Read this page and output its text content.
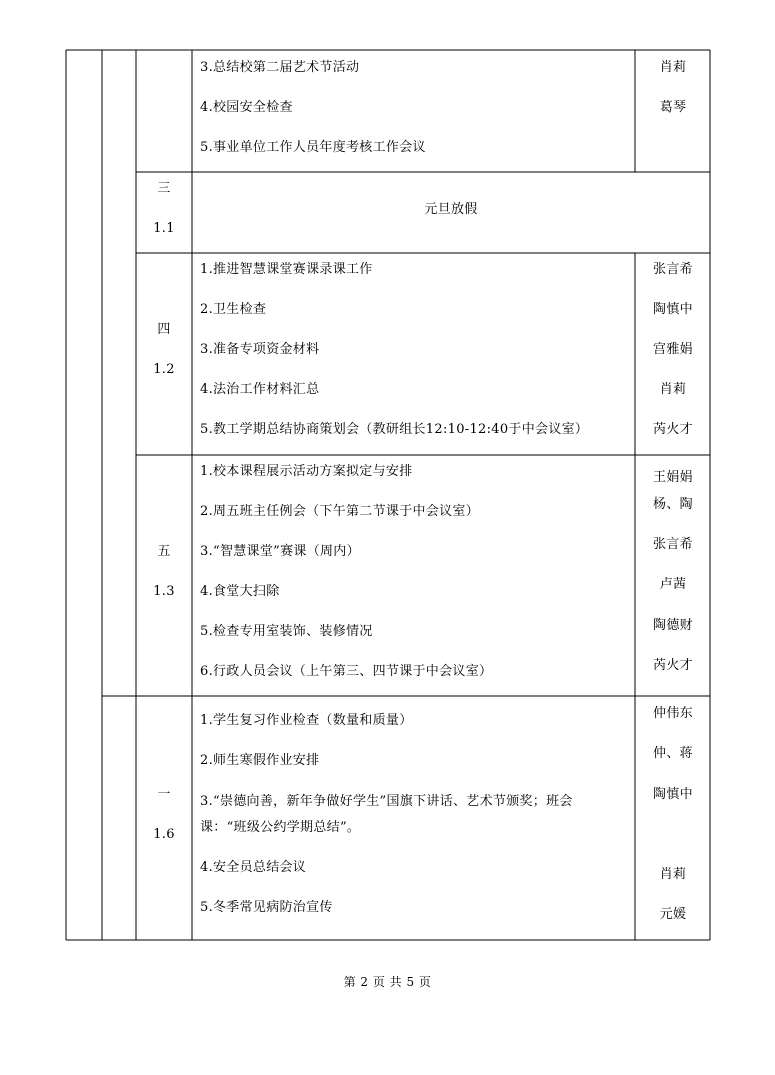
3.总结校第二届艺术节活动
4.校园安全检查
5.事业单位工作人员年度考核工作会议
肖莉
葛琴
三
1.1
元旦放假
四
1.2
1.推进智慧课堂赛课录课工作
2.卫生检查
3.准备专项资金材料
4.法治工作材料汇总
5.教工学期总结协商策划会（教研组长12:10-12:40于中会议室）
张言希
陶慎中
宫雅娟
肖莉
芮火才
五
1.3
1.校本课程展示活动方案拟定与安排
2.周五班主任例会（下午第二节课于中会议室）
3.“智慧课堂”赛课（周内）
4.食堂大扫除
5.检查专用室装饰、装修情况
6.行政人员会议（上午第三、四节课于中会议室）
王娟娟
杨、陶
张言希
卢茜
陶德财
芮火才
一
1.6
1.学生复习作业检查（数量和质量）
2.师生寒假作业安排
3.“崇德向善，新年争做好学生”国旗下讲话、艺术节颁奖；班会
课：“班级公约学期总结”。
4.安全员总结会议
5.冬季常见病防治宣传
仲伟东
仲、蒋
陶慎中
肖莉
元媛
第 2 页 共 5 页
